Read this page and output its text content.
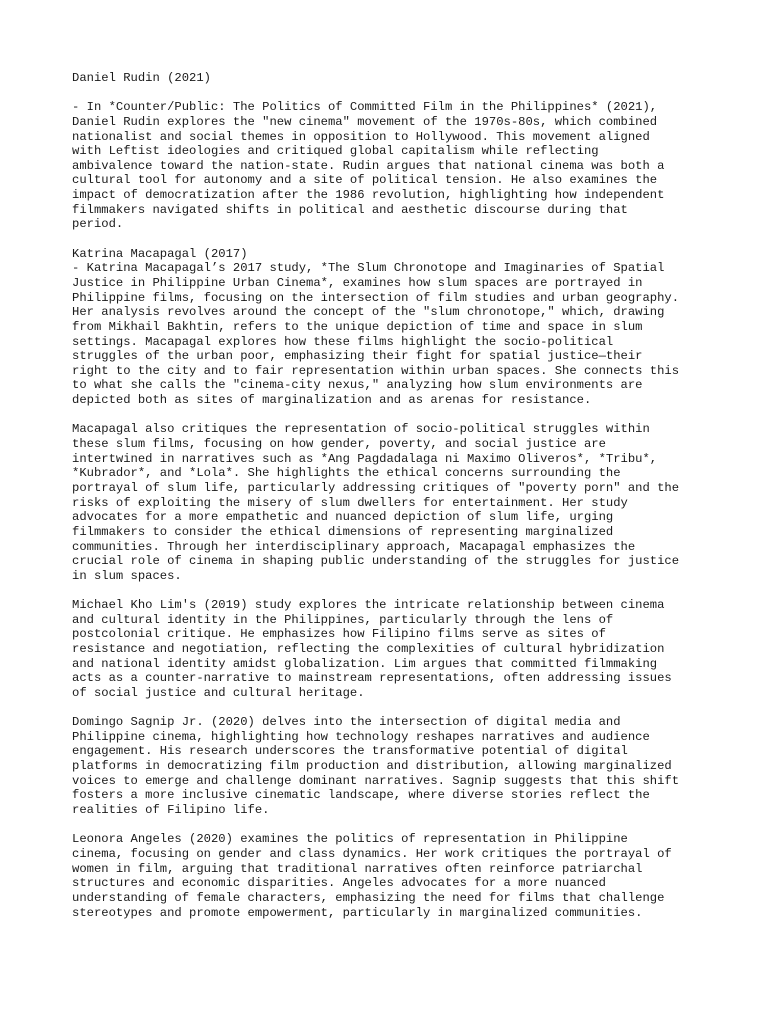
Daniel Rudin (2021)
- In *Counter/Public: The Politics of Committed Film in the Philippines* (2021),
Daniel Rudin explores the "new cinema" movement of the 1970s-80s, which combined
nationalist and social themes in opposition to Hollywood. This movement aligned
with Leftist ideologies and critiqued global capitalism while reflecting
ambivalence toward the nation-state. Rudin argues that national cinema was both a
cultural tool for autonomy and a site of political tension. He also examines the
impact of democratization after the 1986 revolution, highlighting how independent
filmmakers navigated shifts in political and aesthetic discourse during that
period.
Katrina Macapagal (2017)
- Katrina Macapagal’s 2017 study, *The Slum Chronotope and Imaginaries of Spatial
Justice in Philippine Urban Cinema*, examines how slum spaces are portrayed in
Philippine films, focusing on the intersection of film studies and urban geography.
Her analysis revolves around the concept of the "slum chronotope," which, drawing
from Mikhail Bakhtin, refers to the unique depiction of time and space in slum
settings. Macapagal explores how these films highlight the socio-political
struggles of the urban poor, emphasizing their fight for spatial justice—their
right to the city and to fair representation within urban spaces. She connects this
to what she calls the "cinema-city nexus," analyzing how slum environments are
depicted both as sites of marginalization and as arenas for resistance.
Macapagal also critiques the representation of socio-political struggles within
these slum films, focusing on how gender, poverty, and social justice are
intertwined in narratives such as *Ang Pagdadalaga ni Maximo Oliveros*, *Tribu*,
*Kubrador*, and *Lola*. She highlights the ethical concerns surrounding the
portrayal of slum life, particularly addressing critiques of "poverty porn" and the
risks of exploiting the misery of slum dwellers for entertainment. Her study
advocates for a more empathetic and nuanced depiction of slum life, urging
filmmakers to consider the ethical dimensions of representing marginalized
communities. Through her interdisciplinary approach, Macapagal emphasizes the
crucial role of cinema in shaping public understanding of the struggles for justice
in slum spaces.
Michael Kho Lim's (2019) study explores the intricate relationship between cinema
and cultural identity in the Philippines, particularly through the lens of
postcolonial critique. He emphasizes how Filipino films serve as sites of
resistance and negotiation, reflecting the complexities of cultural hybridization
and national identity amidst globalization. Lim argues that committed filmmaking
acts as a counter-narrative to mainstream representations, often addressing issues
of social justice and cultural heritage.
Domingo Sagnip Jr. (2020) delves into the intersection of digital media and
Philippine cinema, highlighting how technology reshapes narratives and audience
engagement. His research underscores the transformative potential of digital
platforms in democratizing film production and distribution, allowing marginalized
voices to emerge and challenge dominant narratives. Sagnip suggests that this shift
fosters a more inclusive cinematic landscape, where diverse stories reflect the
realities of Filipino life.
Leonora Angeles (2020) examines the politics of representation in Philippine
cinema, focusing on gender and class dynamics. Her work critiques the portrayal of
women in film, arguing that traditional narratives often reinforce patriarchal
structures and economic disparities. Angeles advocates for a more nuanced
understanding of female characters, emphasizing the need for films that challenge
stereotypes and promote empowerment, particularly in marginalized communities.
